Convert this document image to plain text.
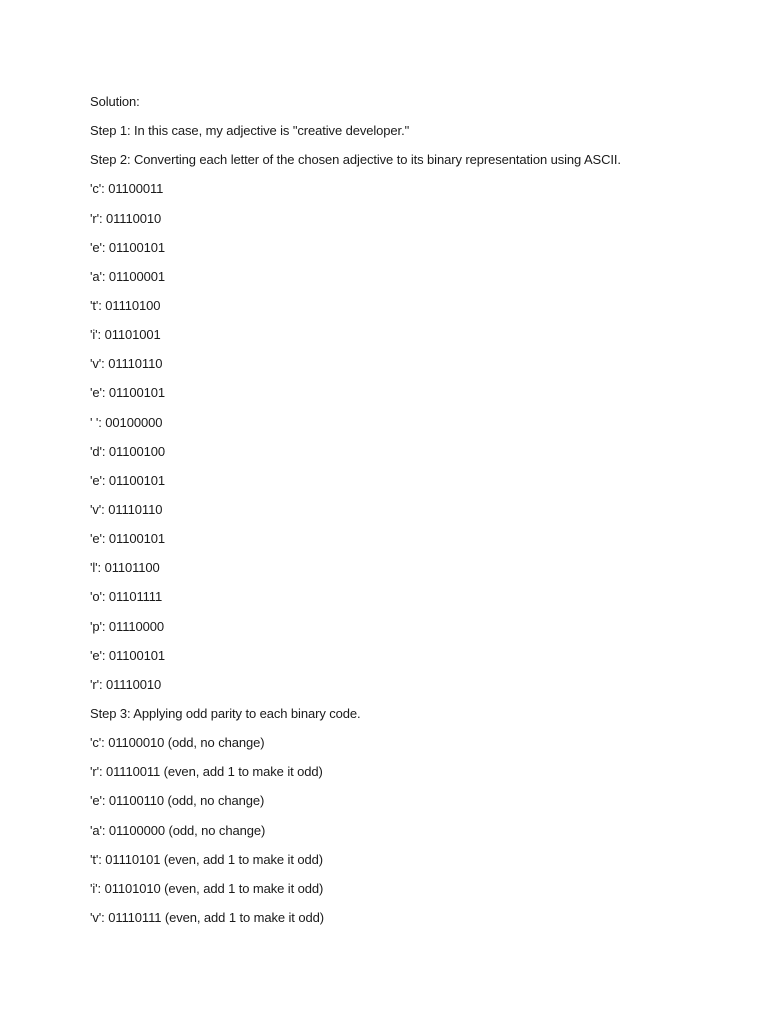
Solution:
Step 1: In this case, my adjective is "creative developer."
Step 2: Converting each letter of the chosen adjective to its binary representation using ASCII.
'c': 01100011
'r': 01110010
'e': 01100101
'a': 01100001
't': 01110100
'i': 01101001
'v': 01110110
'e': 01100101
' ': 00100000
'd': 01100100
'e': 01100101
'v': 01110110
'e': 01100101
'l': 01101100
'o': 01101111
'p': 01110000
'e': 01100101
'r': 01110010
Step 3: Applying odd parity to each binary code.
'c': 01100010 (odd, no change)
'r': 01110011 (even, add 1 to make it odd)
'e': 01100110 (odd, no change)
'a': 01100000 (odd, no change)
't': 01110101 (even, add 1 to make it odd)
'i': 01101010 (even, add 1 to make it odd)
'v': 01110111 (even, add 1 to make it odd)
